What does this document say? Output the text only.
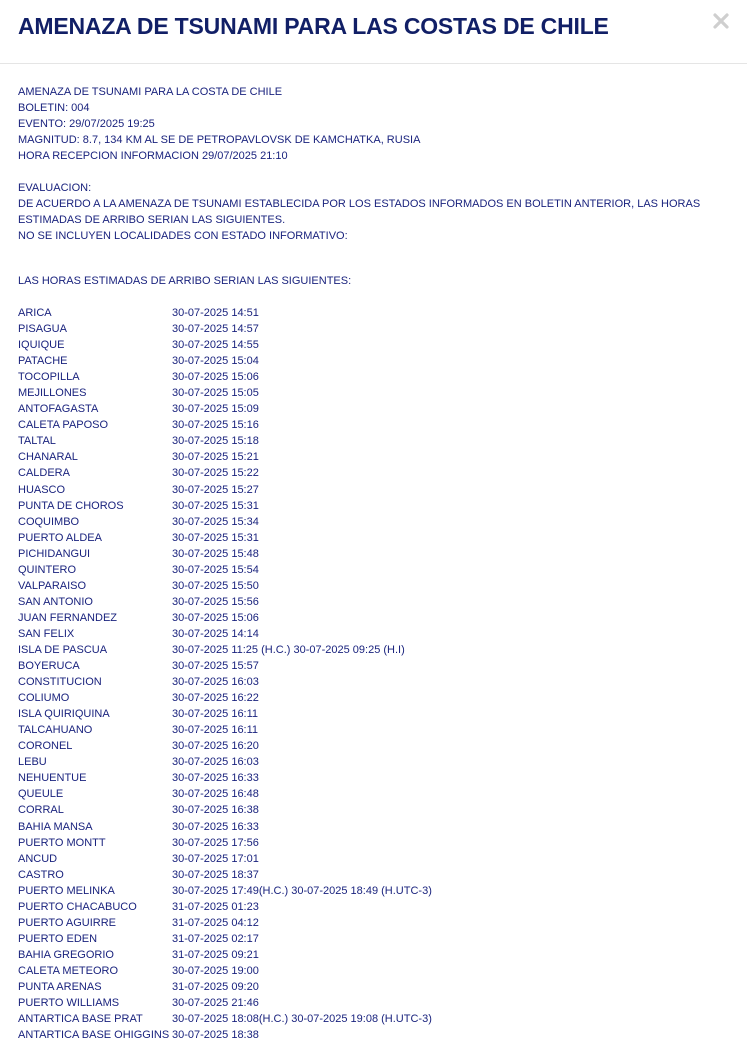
AMENAZA DE TSUNAMI PARA LAS COSTAS DE CHILE
AMENAZA DE TSUNAMI PARA LA COSTA DE CHILE
BOLETIN: 004
EVENTO: 29/07/2025 19:25
MAGNITUD: 8.7, 134 KM AL SE DE PETROPAVLOVSK DE KAMCHATKA, RUSIA
HORA RECEPCION INFORMACION 29/07/2025 21:10
EVALUACION:
DE ACUERDO A LA AMENAZA DE TSUNAMI ESTABLECIDA POR LOS ESTADOS INFORMADOS EN BOLETIN ANTERIOR, LAS HORAS ESTIMADAS DE ARRIBO SERIAN LAS SIGUIENTES.
NO SE INCLUYEN LOCALIDADES CON ESTADO INFORMATIVO:
LAS HORAS ESTIMADAS DE ARRIBO SERIAN LAS SIGUIENTES:
ARICA	30-07-2025 14:51
PISAGUA	30-07-2025 14:57
IQUIQUE	30-07-2025 14:55
PATACHE	30-07-2025 15:04
TOCOPILLA	30-07-2025 15:06
MEJILLONES	30-07-2025 15:05
ANTOFAGASTA	30-07-2025 15:09
CALETA PAPOSO	30-07-2025 15:16
TALTAL	30-07-2025 15:18
CHANARAL	30-07-2025 15:21
CALDERA	30-07-2025 15:22
HUASCO	30-07-2025 15:27
PUNTA DE CHOROS	30-07-2025 15:31
COQUIMBO	30-07-2025 15:34
PUERTO ALDEA	30-07-2025 15:31
PICHIDANGUI	30-07-2025 15:48
QUINTERO	30-07-2025 15:54
VALPARAISO	30-07-2025 15:50
SAN ANTONIO	30-07-2025 15:56
JUAN FERNANDEZ	30-07-2025 15:06
SAN FELIX	30-07-2025 14:14
ISLA DE PASCUA	30-07-2025 11:25 (H.C.) 30-07-2025 09:25 (H.I)
BOYERUCA	30-07-2025 15:57
CONSTITUCION	30-07-2025 16:03
COLIUMO	30-07-2025 16:22
ISLA QUIRIQUINA	30-07-2025 16:11
TALCAHUANO	30-07-2025 16:11
CORONEL	30-07-2025 16:20
LEBU	30-07-2025 16:03
NEHUENTUE	30-07-2025 16:33
QUEULE	30-07-2025 16:48
CORRAL	30-07-2025 16:38
BAHIA MANSA	30-07-2025 16:33
PUERTO MONTT	30-07-2025 17:56
ANCUD	30-07-2025 17:01
CASTRO	30-07-2025 18:37
PUERTO MELINKA	30-07-2025 17:49(H.C.) 30-07-2025 18:49 (H.UTC-3)
PUERTO CHACABUCO	31-07-2025 01:23
PUERTO AGUIRRE	31-07-2025 04:12
PUERTO EDEN	31-07-2025 02:17
BAHIA GREGORIO	31-07-2025 09:21
CALETA METEORO	30-07-2025 19:00
PUNTA ARENAS	31-07-2025 09:20
PUERTO WILLIAMS	30-07-2025 21:46
ANTARTICA BASE PRAT	30-07-2025 18:08(H.C.) 30-07-2025 19:08 (H.UTC-3)
ANTARTICA BASE OHIGGINS 30-07-2025 18:38
